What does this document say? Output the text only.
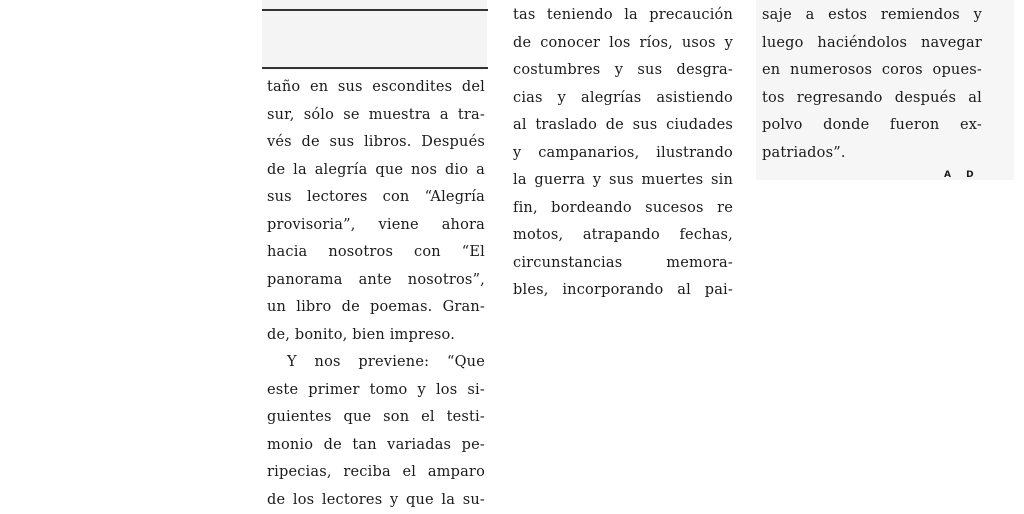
taño en sus escondites del
sur, sólo se muestra a tra-
vés de sus libros. Después
de la alegría que nos dio a
sus lectores con “Alegría
provisoria”, viene ahora
hacia nosotros con “El
panorama ante nosotros”,
un libro de poemas. Gran-
de, bonito, bien impreso.
Y nos previene: “Que
este primer tomo y los si-
guientes que son el testi-
monio de tan variadas pe-
ripecias, reciba el amparo
de los lectores y que la su-
tas teniendo la precaución
de conocer los ríos, usos y
costumbres y sus desgra-
cias y alegrías asistiendo
al traslado de sus ciudades
y campanarios, ilustrando
la guerra y sus muertes sin
fin, bordeando sucesos re
motos, atrapando fechas,
circunstancias memora-
bles, incorporando al pai-
saje a estos remiendos y
luego haciéndolos navegar
en numerosos coros opues-
tos regresando después al
polvo donde fueron ex-
patriados”.
A D
